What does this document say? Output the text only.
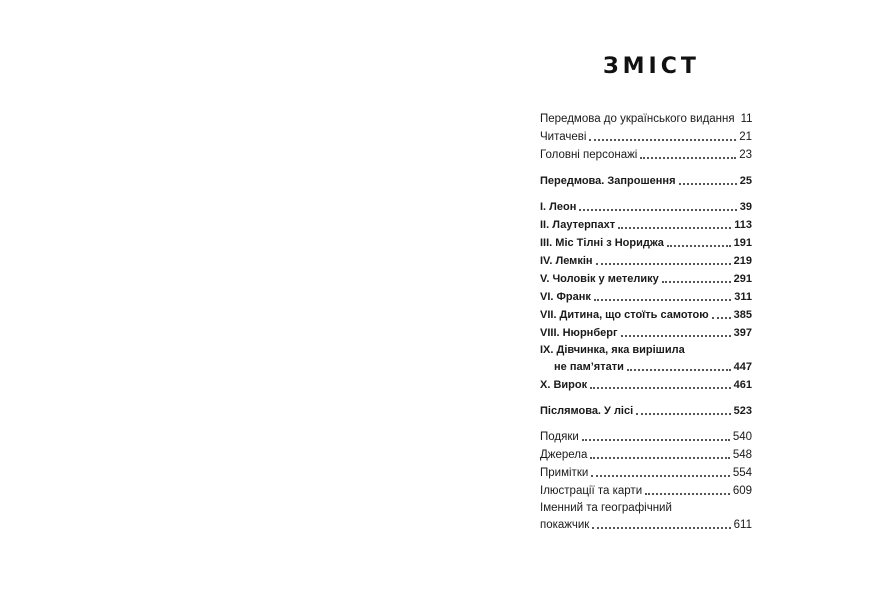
ЗМІСТ
Передмова до українського видання 11
Читачеві	21
Головні персонажі	23
Передмова. Запрошення	25
I. Леон	39
II. Лаутерпахт	113
III. Міс Тілні з Нориджа	191
IV. Лемкін	219
V. Чоловік у метелику	291
VI. Франк	311
VII. Дитина, що стоїть самотою 385
VIII. Нюрнберг	397
IX. Дівчинка, яка вирішила
не пам’ятати	447
X. Вирок	461
Післямова. У лісі	523
Подяки	540
Джерела	548
Примітки	554
Ілюстрації та карти	609
Іменний та географічний
покажчик	611
